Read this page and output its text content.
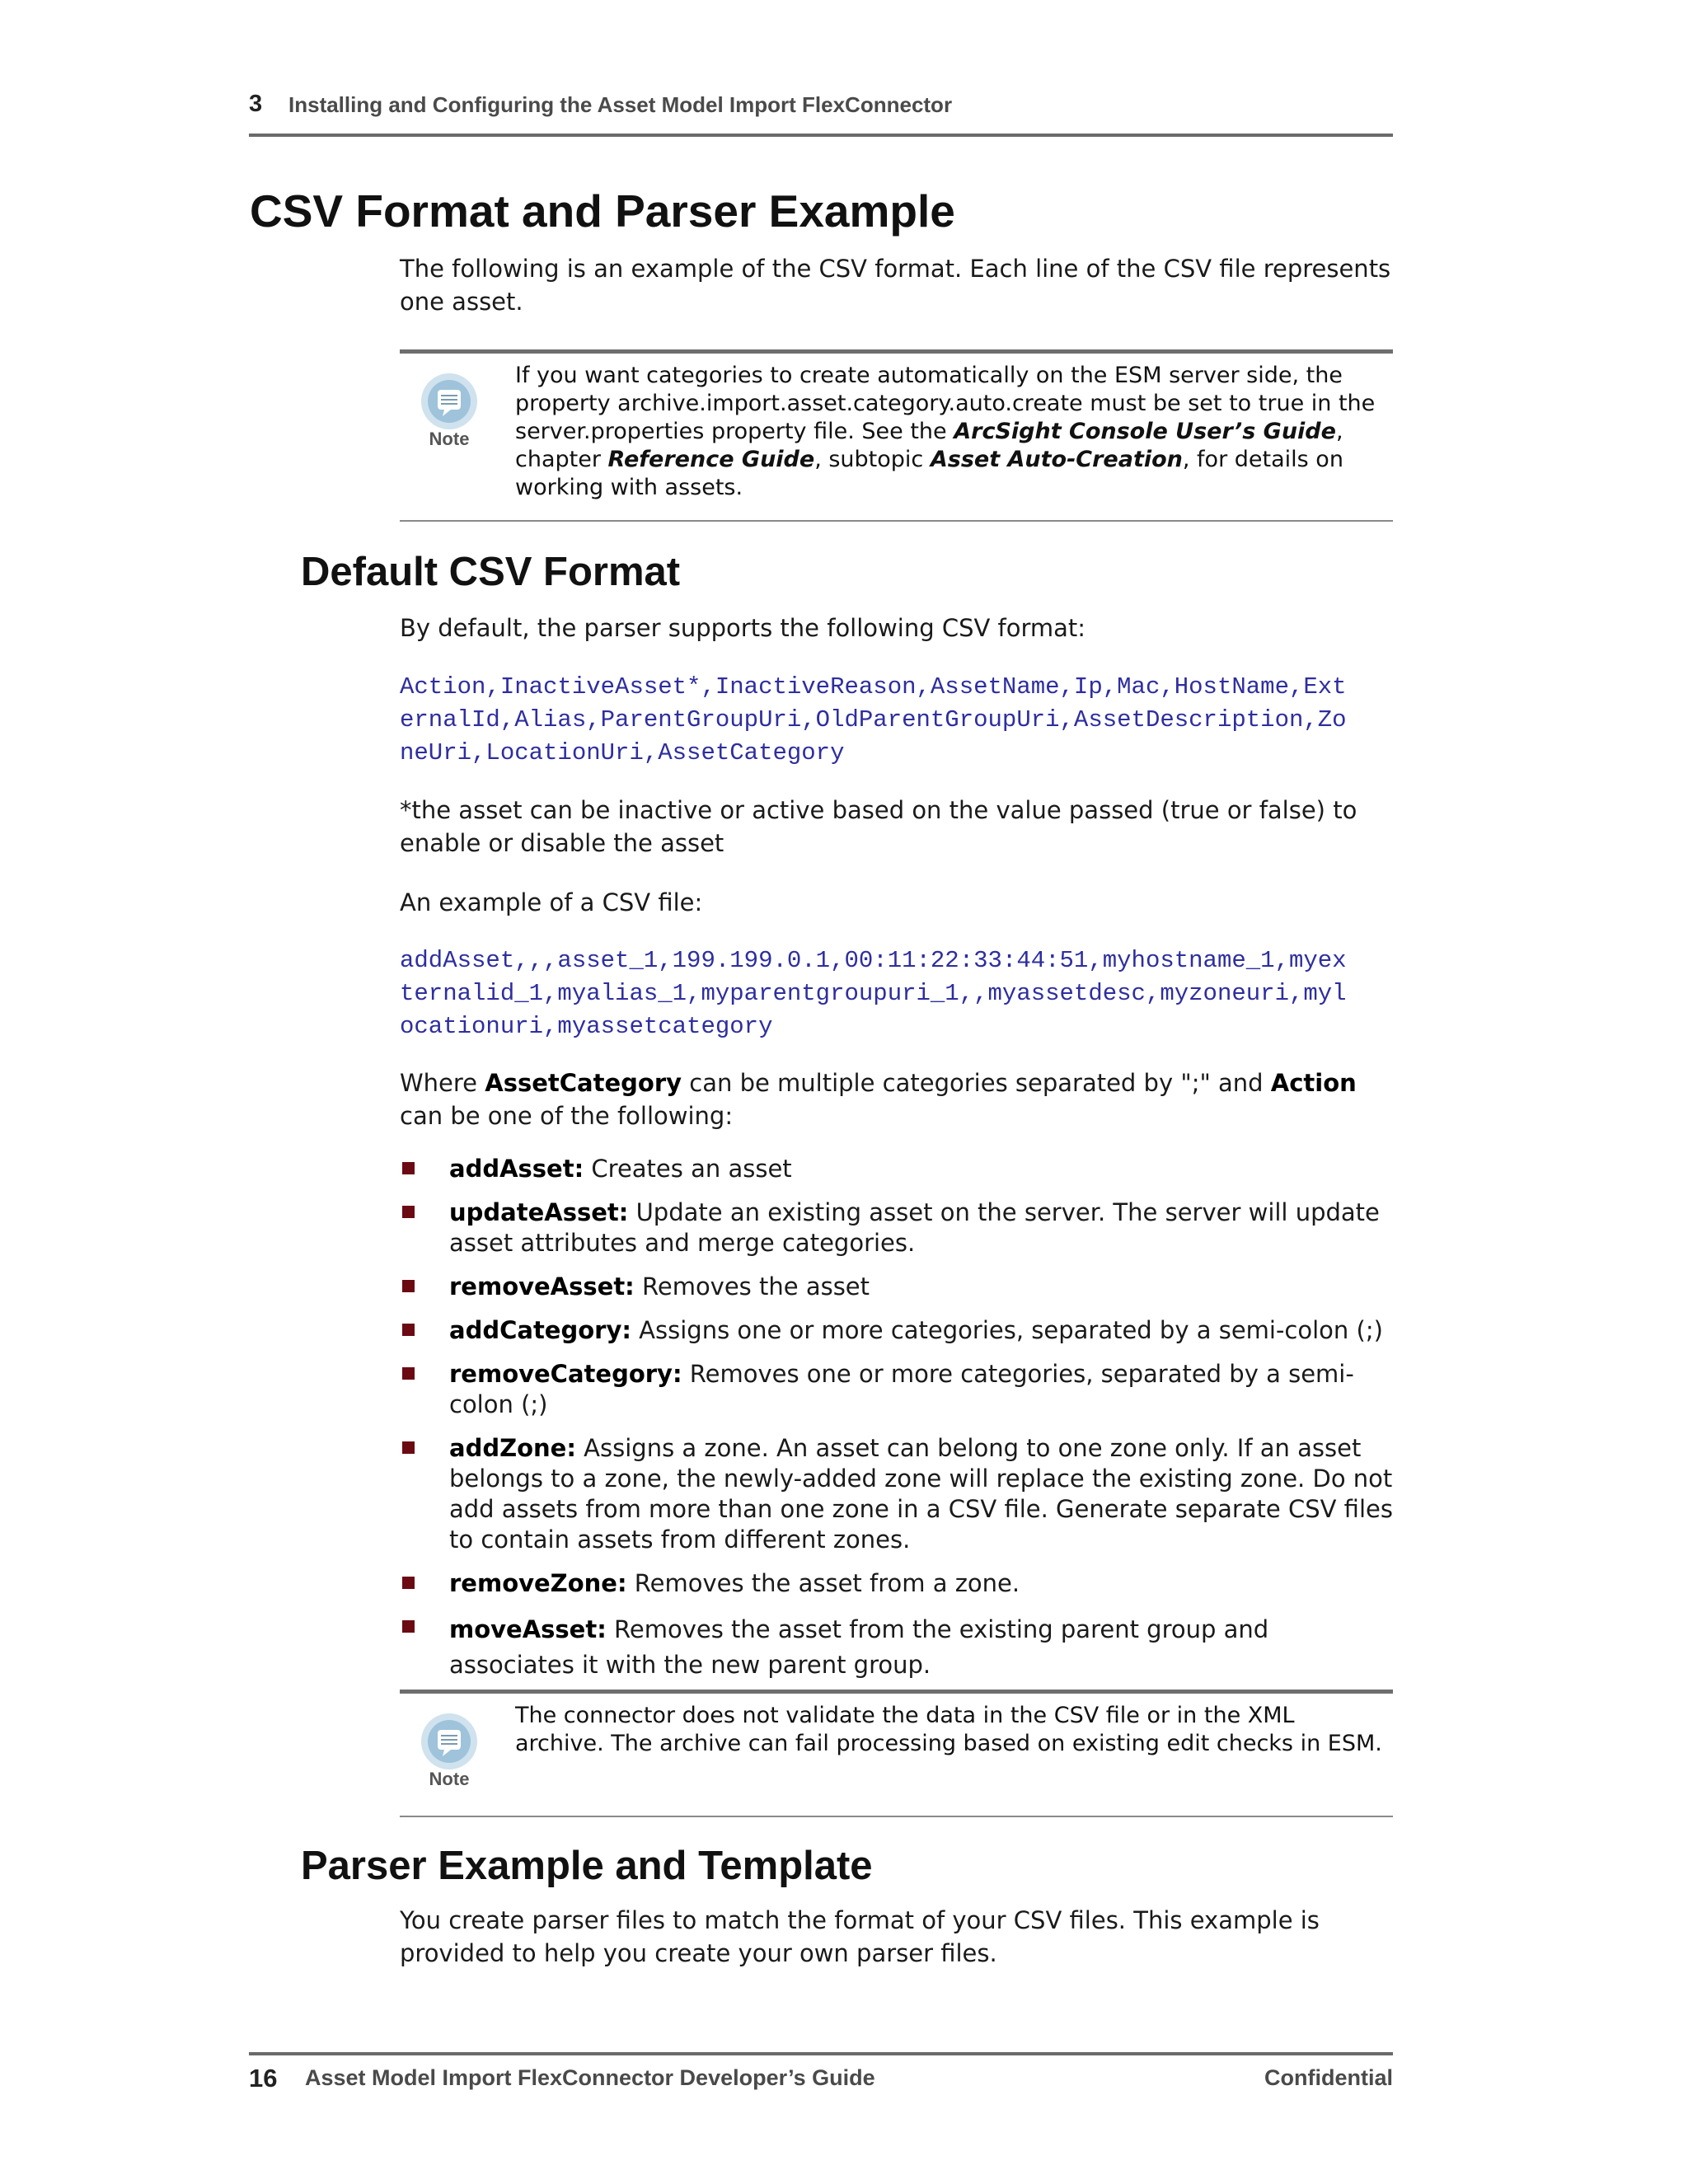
3 Installing and Configuring the Asset Model Import FlexConnector
CSV Format and Parser Example
The following is an example of the CSV format. Each line of the CSV file represents one asset.
Note
If you want categories to create automatically on the ESM server side, the property archive.import.asset.category.auto.create must be set to true in the server.properties property file. See the ArcSight Console User’s Guide, chapter Reference Guide, subtopic Asset Auto-Creation, for details on working with assets.
Default CSV Format
By default, the parser supports the following CSV format:
Action,InactiveAsset*,InactiveReason,AssetName,Ip,Mac,HostName,Ext
ernalId,Alias,ParentGroupUri,OldParentGroupUri,AssetDescription,Zo
neUri,LocationUri,AssetCategory
*the asset can be inactive or active based on the value passed (true or false) to enable or disable the asset
An example of a CSV file:
addAsset,,,asset_1,199.199.0.1,00:11:22:33:44:51,myhostname_1,myex
ternalid_1,myalias_1,myparentgroupuri_1,,myassetdesc,myzoneuri,myl
ocationuri,myassetcategory
Where AssetCategory can be multiple categories separated by ";" and Action can be one of the following:
addAsset: Creates an asset
updateAsset: Update an existing asset on the server. The server will update asset attributes and merge categories.
removeAsset: Removes the asset
addCategory: Assigns one or more categories, separated by a semi-colon (;)
removeCategory: Removes one or more categories, separated by a semi-colon (;)
addZone: Assigns a zone. An asset can belong to one zone only. If an asset belongs to a zone, the newly-added zone will replace the existing zone. Do not add assets from more than one zone in a CSV file. Generate separate CSV files to contain assets from different zones.
removeZone: Removes the asset from a zone.
moveAsset: Removes the asset from the existing parent group and associates it with the new parent group.
Note
The connector does not validate the data in the CSV file or in the XML archive. The archive can fail processing based on existing edit checks in ESM.
Parser Example and Template
You create parser files to match the format of your CSV files. This example is provided to help you create your own parser files.
16 Asset Model Import FlexConnector Developer’s Guide	Confidential
